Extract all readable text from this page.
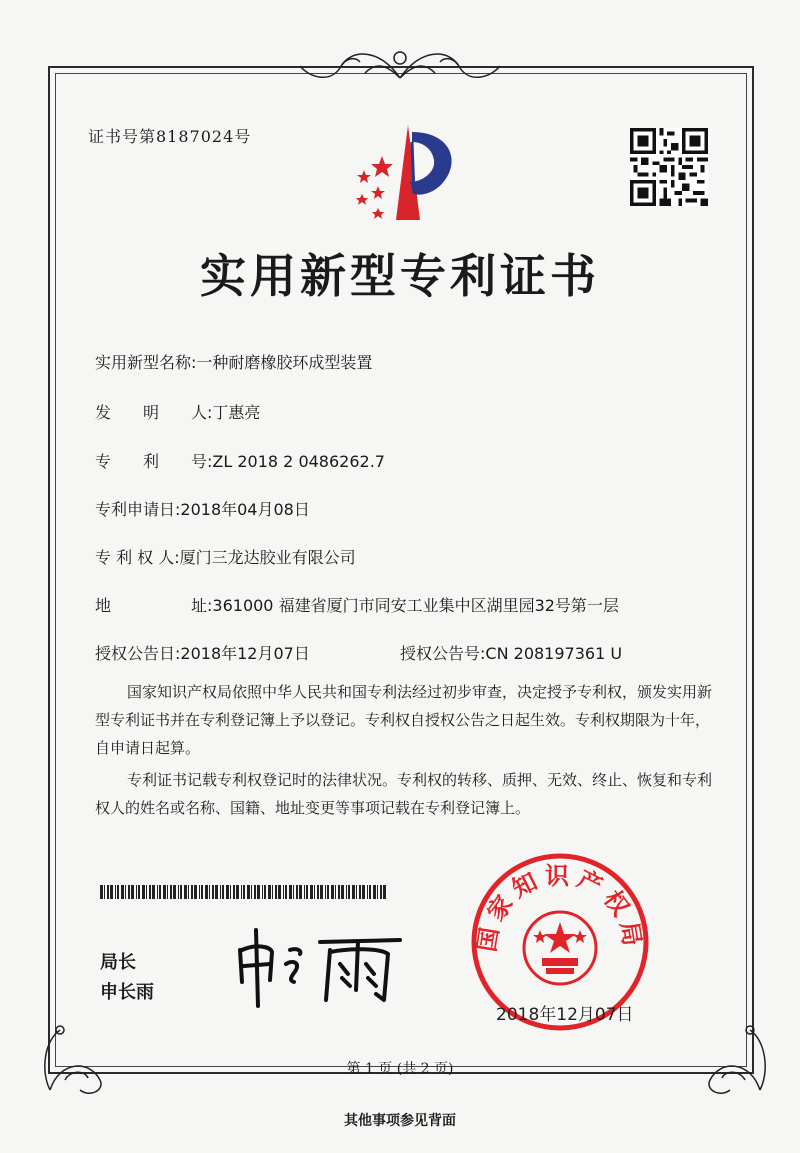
证书号第8187024号
实用新型专利证书
实用新型名称:一种耐磨橡胶环成型装置
发　　明　　人:丁惠亮
专　　利　　号:ZL 2018 2 0486262.7
专利申请日:2018年04月08日
专 利 权 人:厦门三龙达胶业有限公司
地　　　　　址:361000 福建省厦门市同安工业集中区湖里园32号第一层
授权公告日:2018年12月07日	授权公告号:CN 208197361 U
国家知识产权局依照中华人民共和国专利法经过初步审查，决定授予专利权，颁发实用新型专利证书并在专利登记簿上予以登记。专利权自授权公告之日起生效。专利权期限为十年，自申请日起算。
专利证书记载专利权登记时的法律状况。专利权的转移、质押、无效、终止、恢复和专利权人的姓名或名称、国籍、地址变更等事项记载在专利登记簿上。
局长
申长雨
国家知识产权局
2018年12月07日
第 1 页 (共 2 页)
其他事项参见背面
